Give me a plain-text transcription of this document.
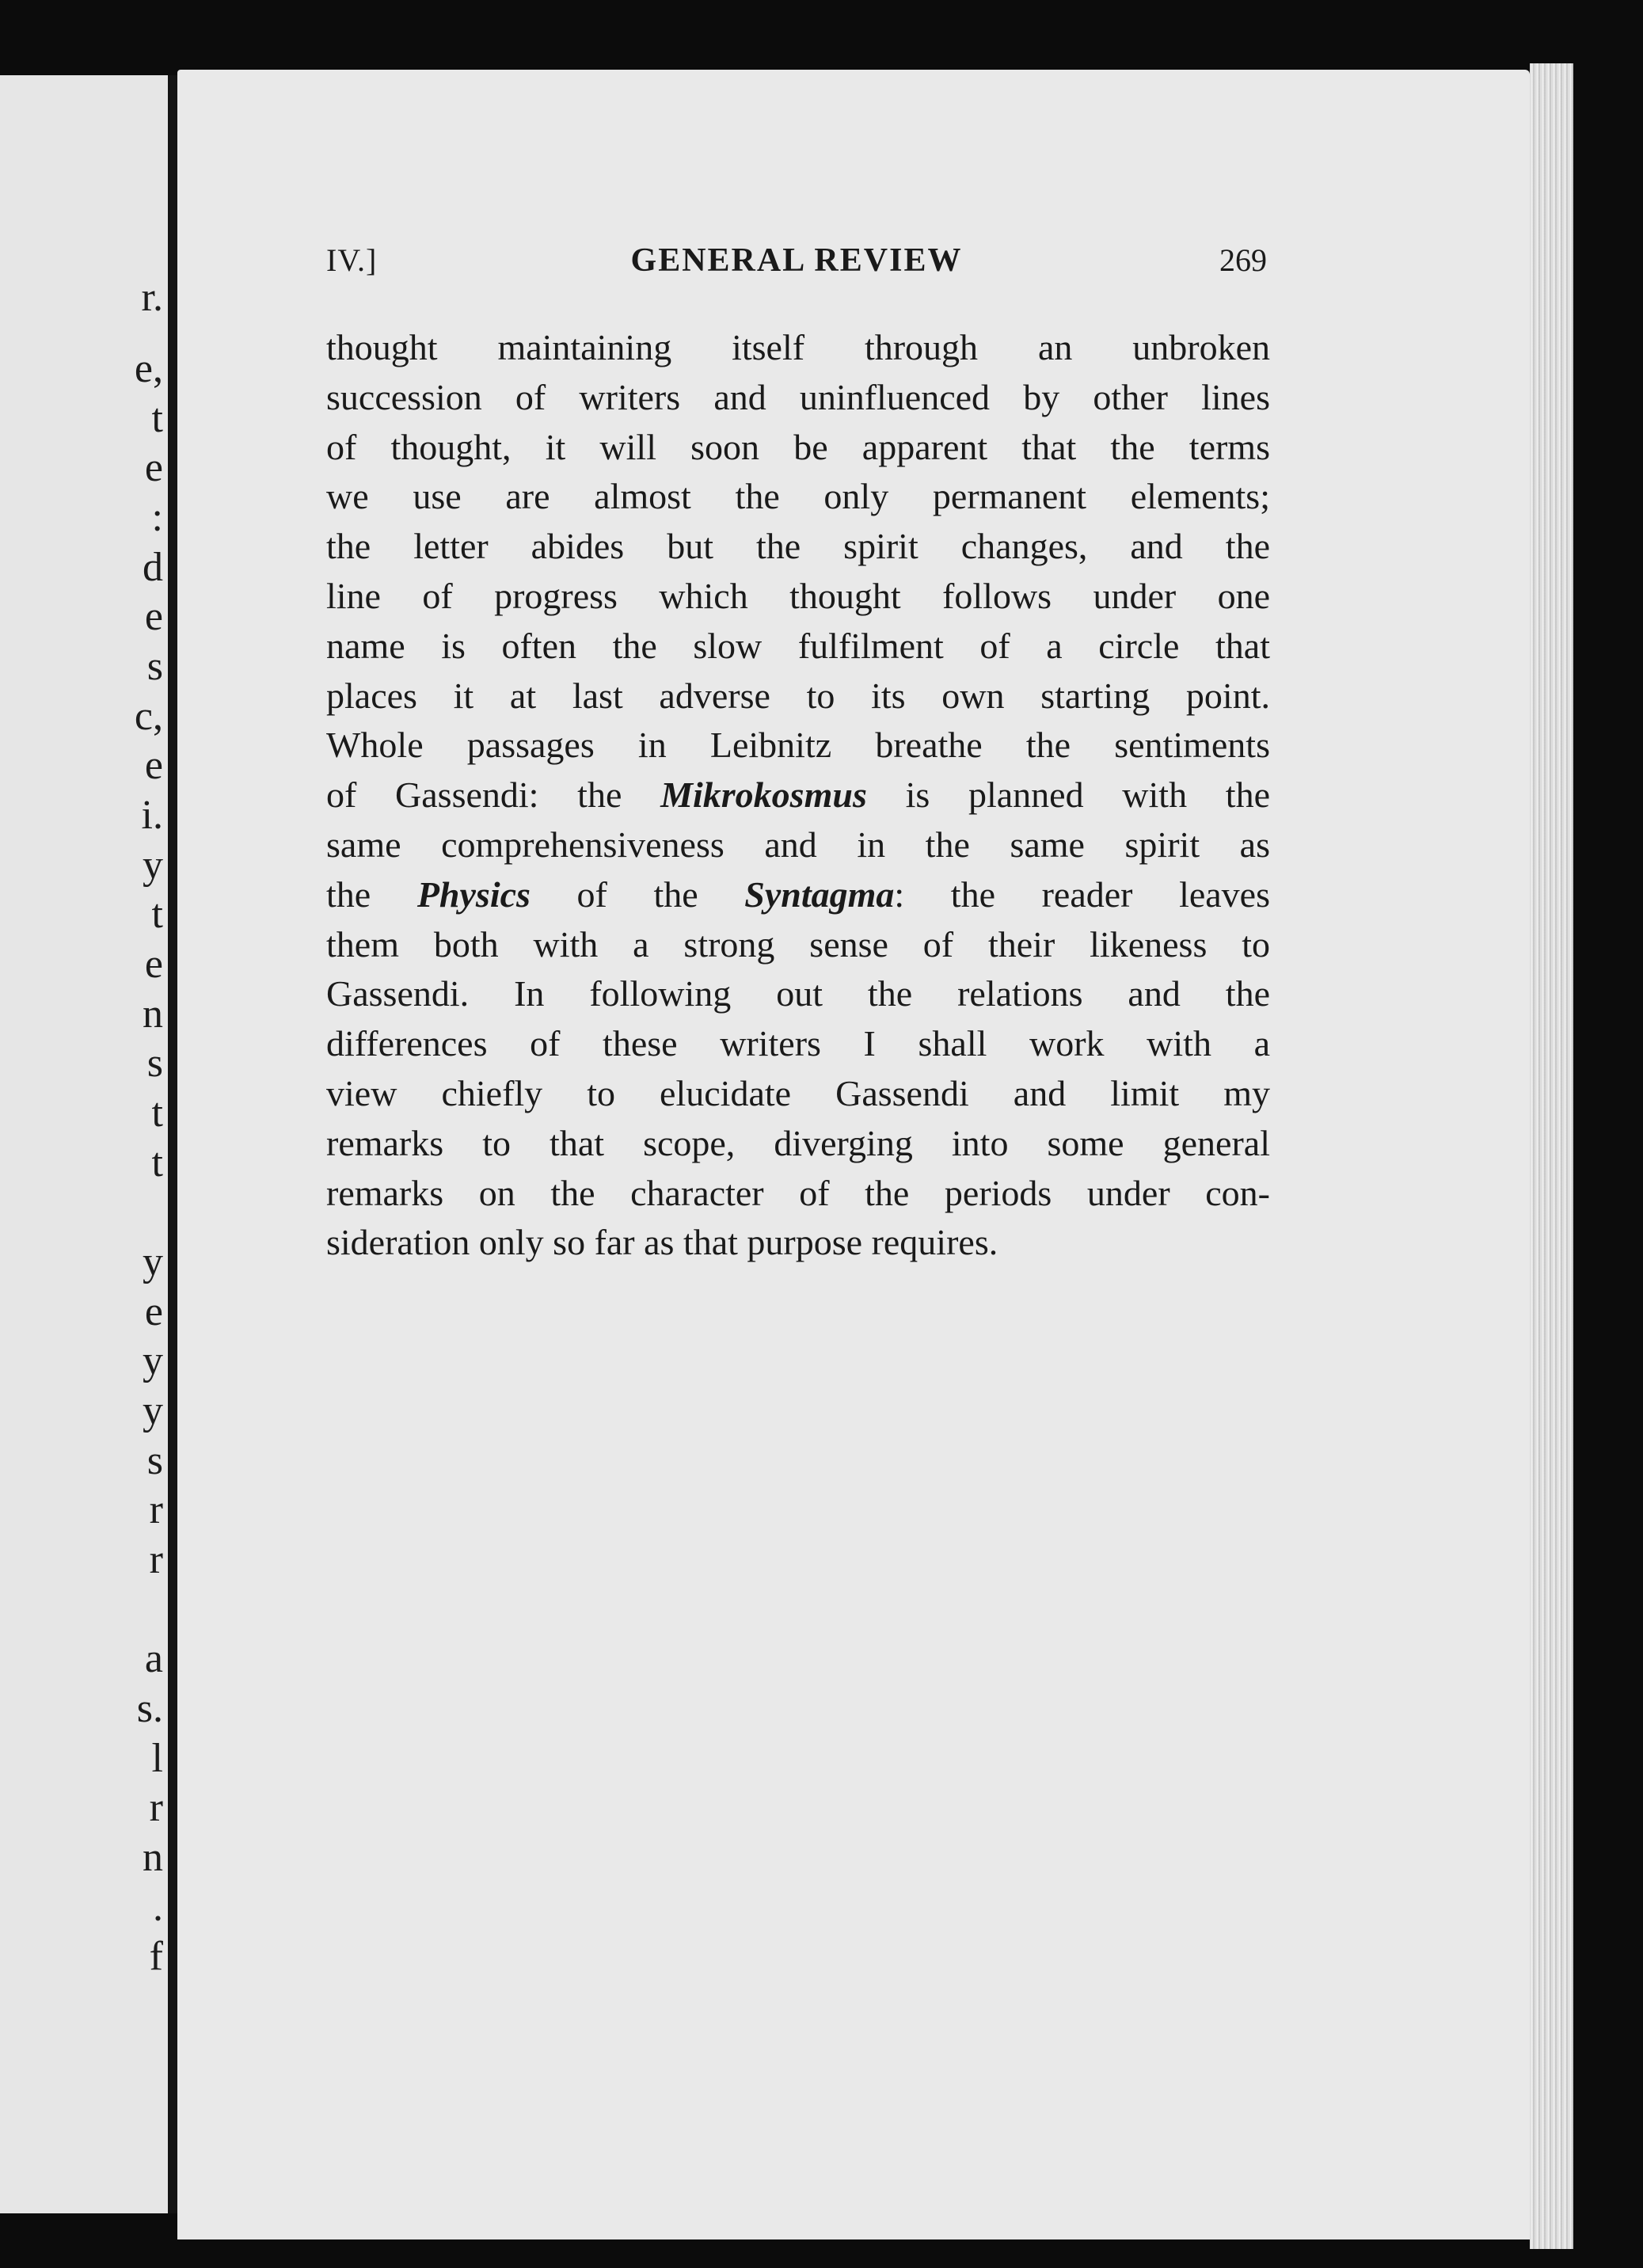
r.
e,
t
e
:
d
e
s
c,
e
i.
y
t
e
n
s
t
t
y
e
y
y
s
r
r
a
s.
l
r
n
.
f
IV.]	GENERAL REVIEW	269
thought maintaining itself through an unbroken
succession of writers and uninfluenced by other lines
of thought, it will soon be apparent that the terms
we use are almost the only permanent elements;
the letter abides but the spirit changes, and the
line of progress which thought follows under one
name is often the slow fulfilment of a circle that
places it at last adverse to its own starting point.
Whole passages in Leibnitz breathe the sentiments
of Gassendi: the Mikrokosmus is planned with the
same comprehensiveness and in the same spirit as
the Physics of the Syntagma: the reader leaves
them both with a strong sense of their likeness to
Gassendi. In following out the relations and the
differences of these writers I shall work with a
view chiefly to elucidate Gassendi and limit my
remarks to that scope, diverging into some general
remarks on the character of the periods under con-
sideration only so far as that purpose requires.
